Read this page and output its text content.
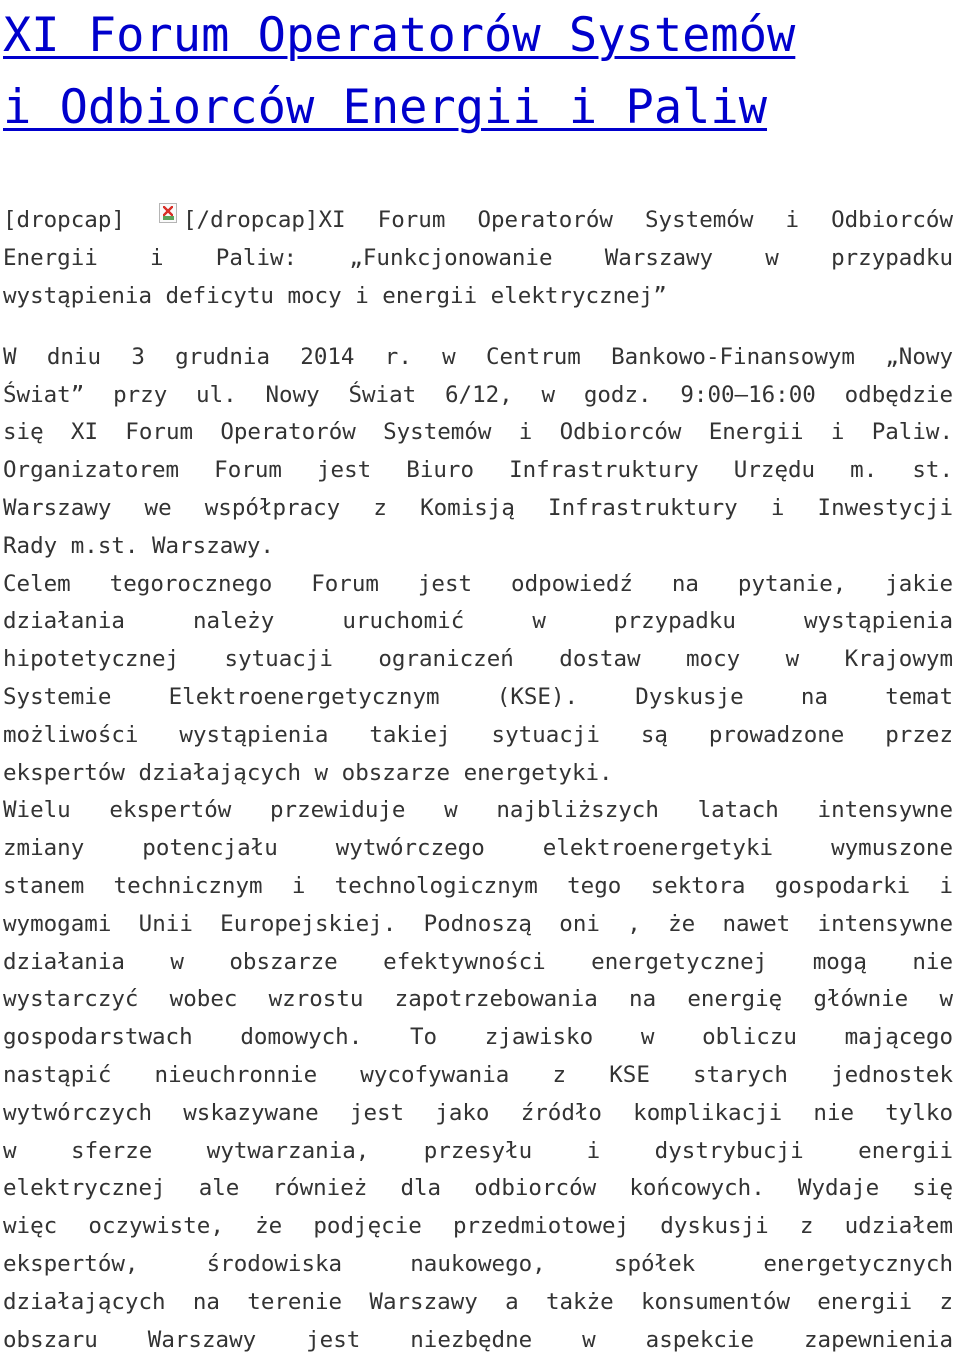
XI Forum Operatorów Systemów
i Odbiorców Energii i Paliw
[dropcap]	[/dropcap]XI Forum Operatorów Systemów i Odbiorców
Energii i Paliw: „Funkcjonowanie Warszawy w przypadku
wystąpienia deficytu mocy i energii elektrycznej”
W dniu 3 grudnia 2014 r. w Centrum Bankowo-Finansowym „Nowy
Świat” przy ul. Nowy Świat 6/12, w godz. 9:00–16:00 odbędzie
się XI Forum Operatorów Systemów i Odbiorców Energii i Paliw.
Organizatorem Forum jest Biuro Infrastruktury Urzędu m. st.
Warszawy we współpracy z Komisją Infrastruktury i Inwestycji
Rady m.st. Warszawy.
Celem tegorocznego Forum jest odpowiedź na pytanie, jakie
działania należy uruchomić w przypadku wystąpienia
hipotetycznej sytuacji ograniczeń dostaw mocy w Krajowym
Systemie Elektroenergetycznym (KSE). Dyskusje na temat
możliwości wystąpienia takiej sytuacji są prowadzone przez
ekspertów działających w obszarze energetyki.
Wielu ekspertów przewiduje w najbliższych latach intensywne
zmiany potencjału wytwórczego elektroenergetyki wymuszone
stanem technicznym i technologicznym tego sektora gospodarki i
wymogami Unii Europejskiej. Podnoszą oni , że nawet intensywne
działania w obszarze efektywności energetycznej mogą nie
wystarczyć wobec wzrostu zapotrzebowania na energię głównie w
gospodarstwach domowych. To zjawisko w obliczu mającego
nastąpić nieuchronnie wycofywania z KSE starych jednostek
wytwórczych wskazywane jest jako źródło komplikacji nie tylko
w sferze wytwarzania, przesyłu i dystrybucji energii
elektrycznej ale również dla odbiorców końcowych. Wydaje się
więc oczywiste, że podjęcie przedmiotowej dyskusji z udziałem
ekspertów, środowiska naukowego, spółek energetycznych
działających na terenie Warszawy a także konsumentów energii z
obszaru Warszawy jest niezbędne w aspekcie zapewnienia
